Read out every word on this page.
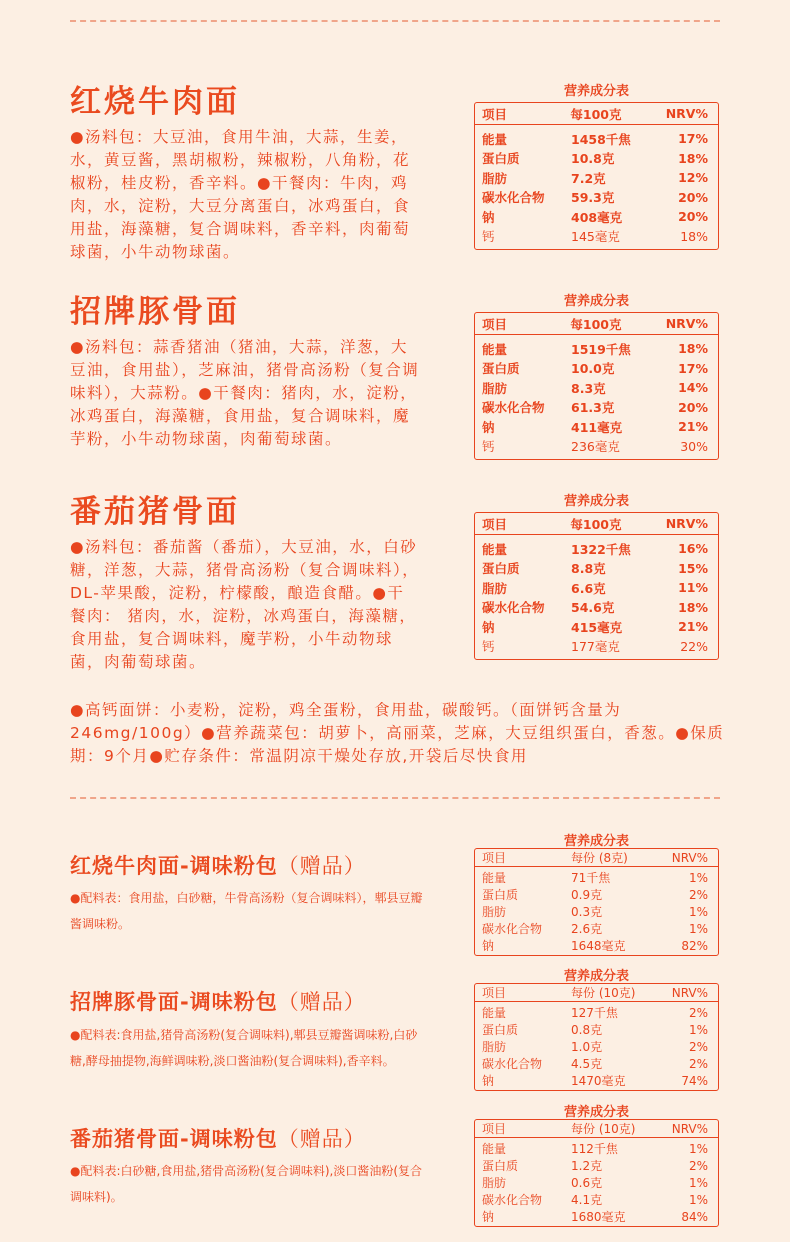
红烧牛肉面
●汤料包：大豆油，食用牛油，大蒜，生姜，水，黄豆酱，黑胡椒粉，辣椒粉，八角粉，花椒粉，桂皮粉，香辛料。●干餐肉：牛肉，鸡肉，水，淀粉，大豆分离蛋白，冰鸡蛋白，食用盐，海藻糖，复合调味料，香辛料，肉葡萄球菌，小牛动物球菌。
营养成分表
项目	每100克	NRV%
能量	1458千焦	17%
蛋白质	10.8克	18%
脂肪	7.2克	12%
碳水化合物	59.3克	20%
钠	408毫克	20%
钙	145毫克	18%
招牌豚骨面
●汤料包：蒜香猪油（猪油，大蒜，洋葱，大豆油，食用盐），芝麻油，猪骨高汤粉（复合调味料），大蒜粉。●干餐肉：猪肉，水，淀粉，冰鸡蛋白，海藻糖，食用盐，复合调味料，魔芋粉，小牛动物球菌，肉葡萄球菌。
营养成分表
项目	每100克	NRV%
能量	1519千焦	18%
蛋白质	10.0克	17%
脂肪	8.3克	14%
碳水化合物	61.3克	20%
钠	411毫克	21%
钙	236毫克	30%
番茄猪骨面
●汤料包：番茄酱（番茄），大豆油，水，白砂糖，洋葱，大蒜，猪骨高汤粉（复合调味料），DL-苹果酸，淀粉，柠檬酸，酿造食醋。●干餐肉： 猪肉，水，淀粉，冰鸡蛋白，海藻糖，食用盐，复合调味料，魔芋粉，小牛动物球菌，肉葡萄球菌。
营养成分表
项目	每100克	NRV%
能量	1322千焦	16%
蛋白质	8.8克	15%
脂肪	6.6克	11%
碳水化合物	54.6克	18%
钠	415毫克	21%
钙	177毫克	22%
●高钙面饼：小麦粉，淀粉，鸡全蛋粉，食用盐，碳酸钙。（面饼钙含量为246mg/100g）●营养蔬菜包：胡萝卜，高丽菜，芝麻，大豆组织蛋白，香葱。●保质期：9个月●贮存条件：常温阴凉干燥处存放,开袋后尽快食用
红烧牛肉面-调味粉包（赠品）
●配料表：食用盐，白砂糖，牛骨高汤粉（复合调味料），郫县豆瓣酱调味粉。
营养成分表
项目	每份 (8克)	NRV%
能量	71千焦	1%
蛋白质	0.9克	2%
脂肪	0.3克	1%
碳水化合物	2.6克	1%
钠	1648毫克	82%
招牌豚骨面-调味粉包（赠品）
●配料表:食用盐,猪骨高汤粉(复合调味料),郫县豆瓣酱调味粉,白砂糖,酵母抽提物,海鲜调味粉,淡口酱油粉(复合调味料),香辛料。
营养成分表
项目	每份 (10克)	NRV%
能量	127千焦	2%
蛋白质	0.8克	1%
脂肪	1.0克	2%
碳水化合物	4.5克	2%
钠	1470毫克	74%
番茄猪骨面-调味粉包（赠品）
●配料表:白砂糖,食用盐,猪骨高汤粉(复合调味料),淡口酱油粉(复合调味料)。
营养成分表
项目	每份 (10克)	NRV%
能量	112千焦	1%
蛋白质	1.2克	2%
脂肪	0.6克	1%
碳水化合物	4.1克	1%
钠	1680毫克	84%
